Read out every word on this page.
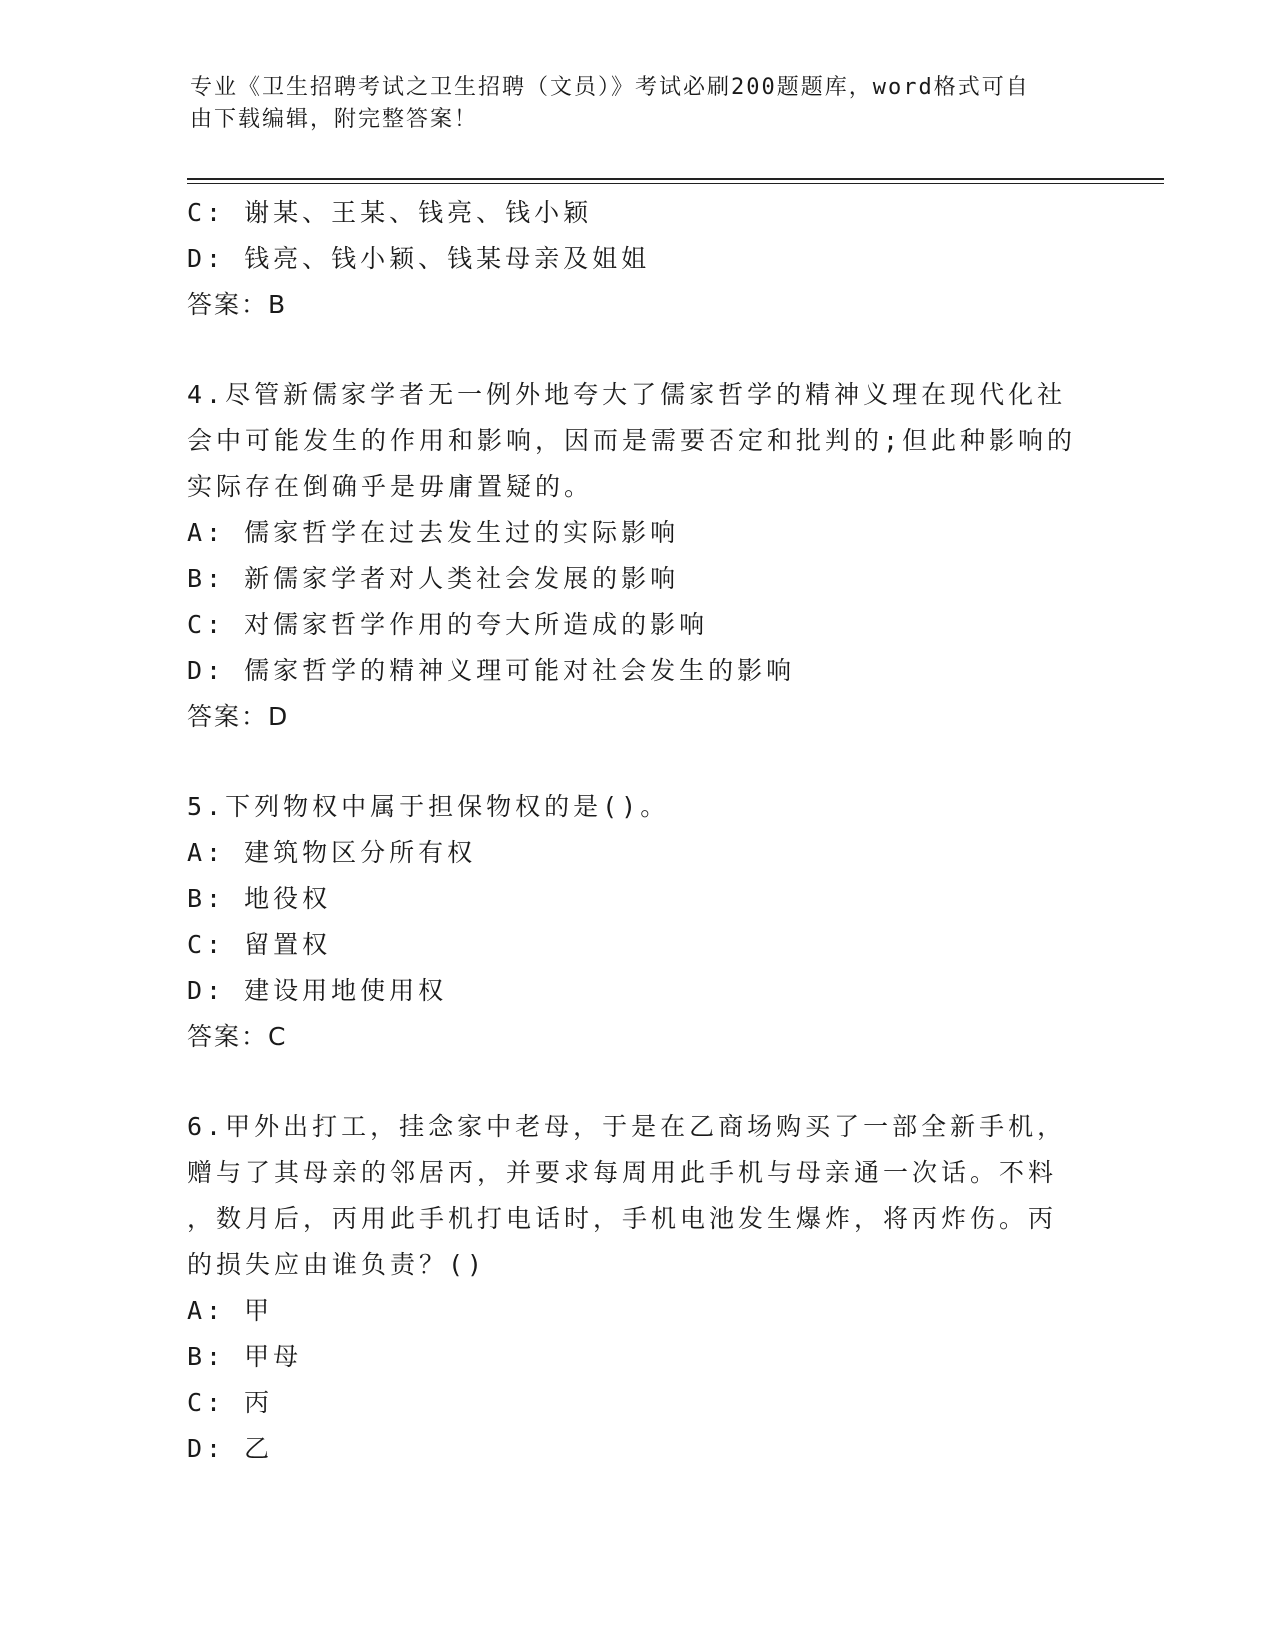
专业《卫生招聘考试之卫生招聘（文员）》考试必刷200题题库，word格式可自
由下载编辑，附完整答案！
C: 谢某、王某、钱亮、钱小颖
D: 钱亮、钱小颖、钱某母亲及姐姐
答案：B
4.尽管新儒家学者无一例外地夸大了儒家哲学的精神义理在现代化社
会中可能发生的作用和影响，因而是需要否定和批判的;但此种影响的
实际存在倒确乎是毋庸置疑的。
A: 儒家哲学在过去发生过的实际影响
B: 新儒家学者对人类社会发展的影响
C: 对儒家哲学作用的夸大所造成的影响
D: 儒家哲学的精神义理可能对社会发生的影响
答案：D
5.下列物权中属于担保物权的是()。
A: 建筑物区分所有权
B: 地役权
C: 留置权
D: 建设用地使用权
答案：C
6.甲外出打工，挂念家中老母，于是在乙商场购买了一部全新手机，
赠与了其母亲的邻居丙，并要求每周用此手机与母亲通一次话。不料
，数月后，丙用此手机打电话时，手机电池发生爆炸，将丙炸伤。丙
的损失应由谁负责？()
A: 甲
B: 甲母
C: 丙
D: 乙
